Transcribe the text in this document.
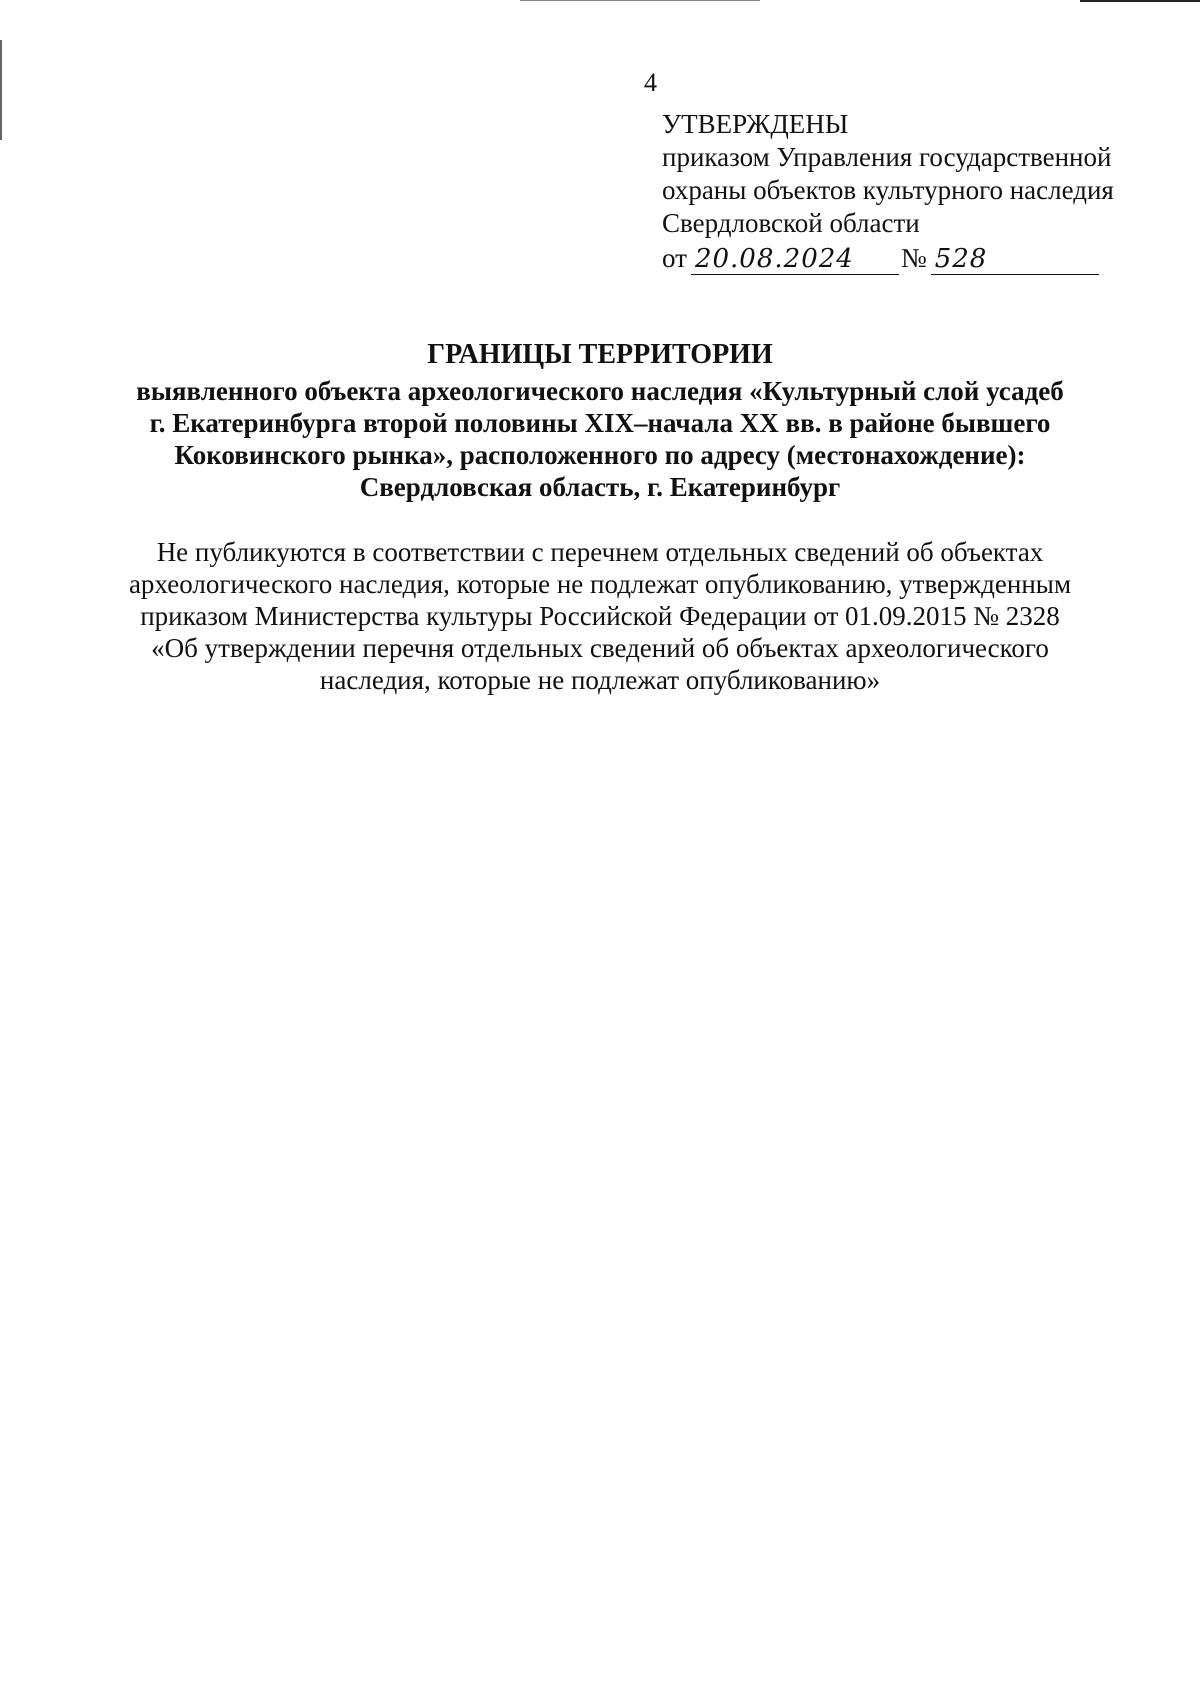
4
УТВЕРЖДЕНЫ
приказом Управления государственной
охраны объектов культурного наследия
Свердловской области
от 20.08.2024	№ 528
ГРАНИЦЫ ТЕРРИТОРИИ
выявленного объекта археологического наследия «Культурный слой усадеб
г. Екатеринбурга второй половины XIX–начала XX вв. в районе бывшего
Коковинского рынка», расположенного по адресу (местонахождение):
Свердловская область, г. Екатеринбург
Не публикуются в соответствии с перечнем отдельных сведений об объектах
археологического наследия, которые не подлежат опубликованию, утвержденным
приказом Министерства культуры Российской Федерации от 01.09.2015 № 2328
«Об утверждении перечня отдельных сведений об объектах археологического
наследия, которые не подлежат опубликованию»
